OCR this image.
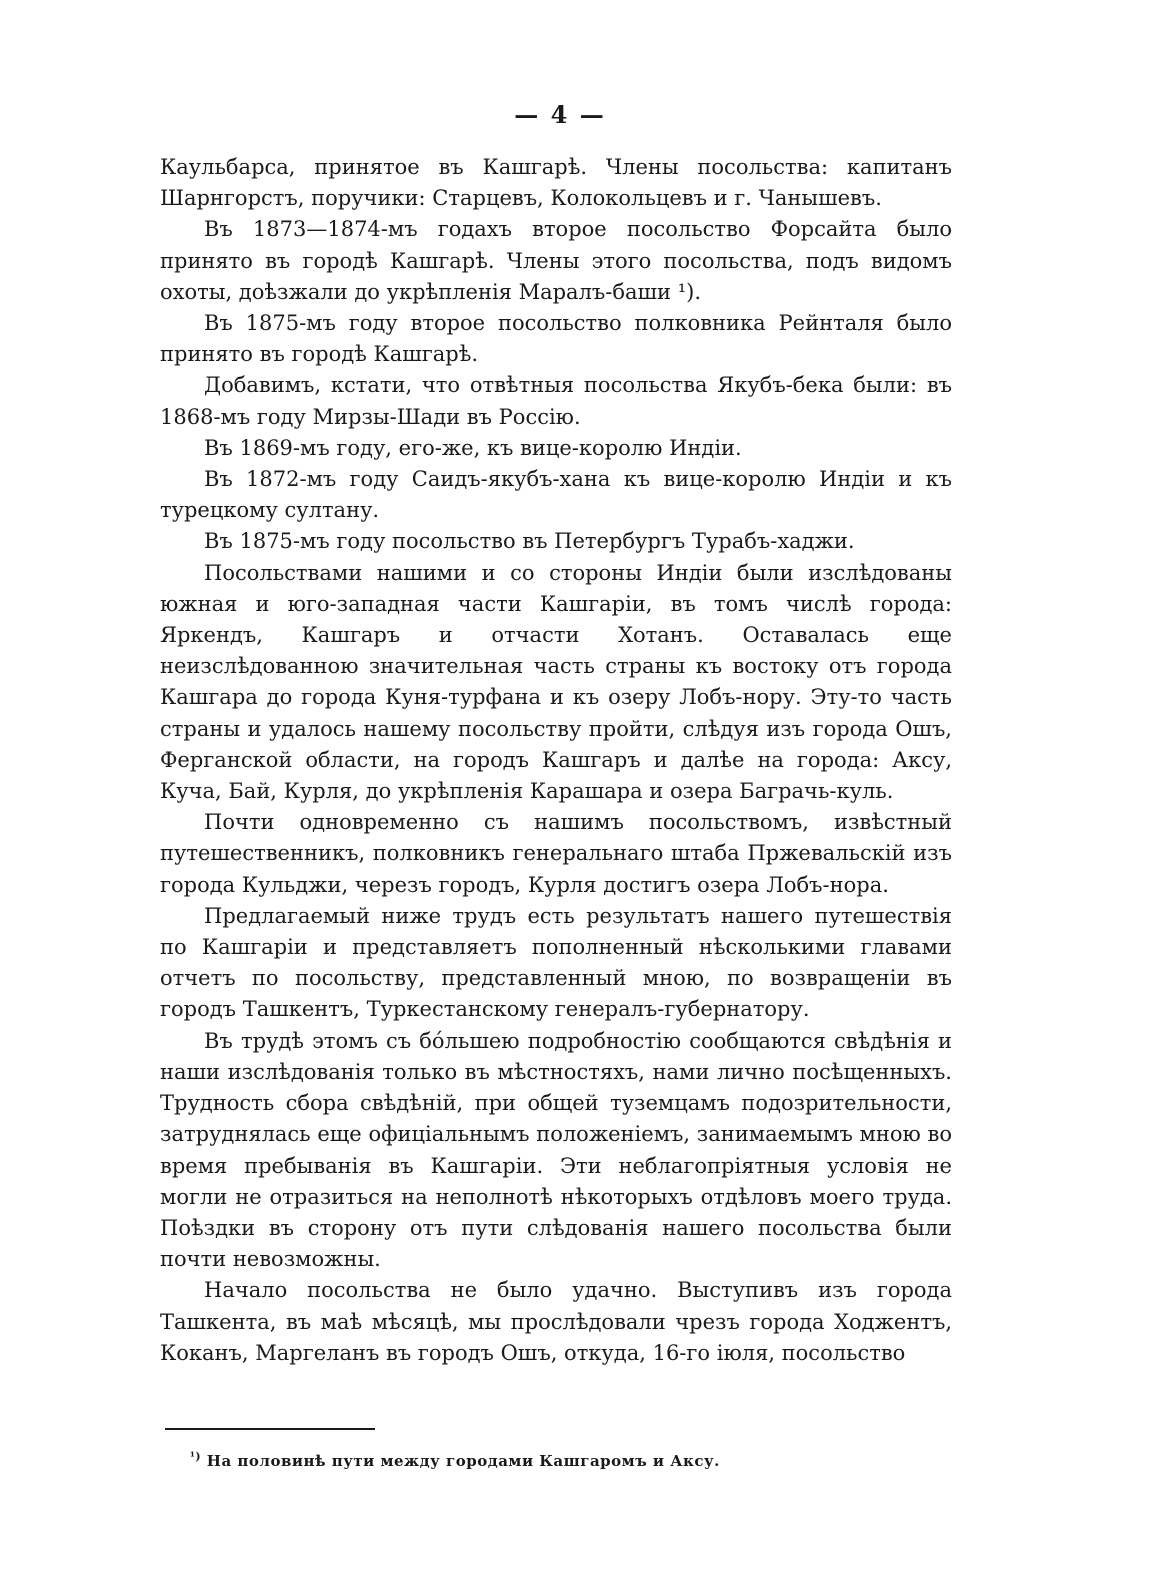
— 4 —

Каульбарса, принятое въ Кашгарѣ. Члены посольства: капитанъ Шарнгорстъ, поручики: Старцевъ, Колокольцевъ и г. Чанышевъ.

Въ 1873—1874-мъ годахъ второе посольство Форсайта было принято въ городѣ Кашгарѣ. Члены этого посольства, подъ видомъ охоты, доѣзжали до укрѣпленія Маралъ-баши ¹).

Въ 1875-мъ году второе посольство полковника Рейнталя было принято въ городѣ Кашгарѣ.

Добавимъ, кстати, что отвѣтныя посольства Якубъ-бека были: въ 1868-мъ году Мирзы-Шади въ Россію.

Въ 1869-мъ году, его-же, къ вице-королю Индіи.

Въ 1872-мъ году Саидъ-якубъ-хана къ вице-королю Индіи и къ турецкому султану.

Въ 1875-мъ году посольство въ Петербургъ Турабъ-хаджи.

Посольствами нашими и со стороны Индіи были изслѣдованы южная и юго-западная части Кашгаріи, въ томъ числѣ города: Яркендъ, Кашгаръ и отчасти Хотанъ. Оставалась еще неизслѣдованною значительная часть страны къ востоку отъ города Кашгара до города Куня-турфана и къ озеру Лобъ-нору. Эту-то часть страны и удалось нашему посольству пройти, слѣдуя изъ города Ошъ, Ферганской области, на городъ Кашгаръ и далѣе на города: Аксу, Куча, Бай, Курля, до укрѣпленія Карашара и озера Баграчь-куль.

Почти одновременно съ нашимъ посольствомъ, извѣстный путешественникъ, полковникъ генеральнаго штаба Пржевальскій изъ города Кульджи, черезъ городъ, Курля достигъ озера Лобъ-нора.

Предлагаемый ниже трудъ есть результатъ нашего путешествія по Кашгаріи и представляетъ пополненный нѣсколькими главами отчетъ по посольству, представленный мною, по возвращеніи въ городъ Ташкентъ, Туркестанскому генералъ-губернатору.

Въ трудѣ этомъ съ бóльшею подробностію сообщаются свѣдѣнія и наши изслѣдованія только въ мѣстностяхъ, нами лично посѣщенныхъ. Трудность сбора свѣдѣній, при общей туземцамъ подозрительности, затруднялась еще офиціальнымъ положеніемъ, занимаемымъ мною во время пребыванія въ Кашгаріи. Эти неблагопріятныя условія не могли не отразиться на неполнотѣ нѣкоторыхъ отдѣловъ моего труда. Поѣздки въ сторону отъ пути слѣдованія нашего посольства были почти невозможны.

Начало посольства не было удачно. Выступивъ изъ города Ташкента, въ маѣ мѣсяцѣ, мы прослѣдовали чрезъ города Ходжентъ, Коканъ, Маргеланъ въ городъ Ошъ, откуда, 16-го іюля, посольство

$^{^1)}$ На половинѣ пути между городами Кашгаромъ и Аксу.
